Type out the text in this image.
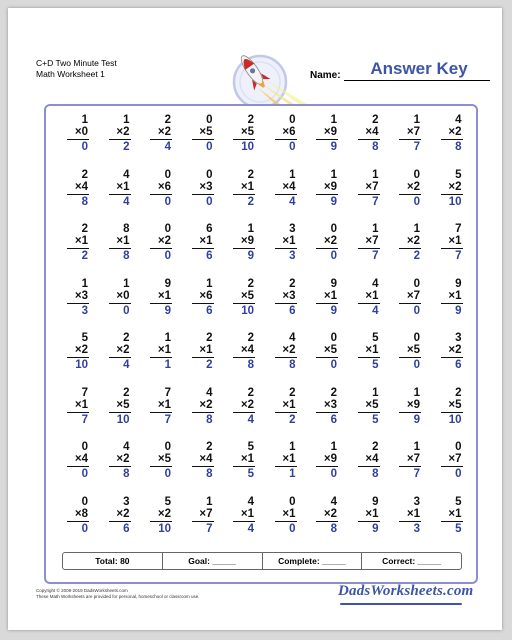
C+D Two Minute Test
Math Worksheet 1	Name:	Answer Key
1
×0
0
1
×2
2
2
×2
4
0
×5
0
2
×5
10
0
×6
0
1
×9
9
2
×4
8
1
×7
7
4
×2
8
2
×4
8
4
×1
4
0
×6
0
0
×3
0
2
×1
2
1
×4
4
1
×9
9
1
×7
7
0
×2
0
5
×2
10
2
×1
2
8
×1
8
0
×2
0
6
×1
6
1
×9
9
3
×1
3
0
×2
0
1
×7
7
1
×2
2
7
×1
7
1
×3
3
1
×0
0
9
×1
9
1
×6
6
2
×5
10
2
×3
6
9
×1
9
4
×1
4
0
×7
0
9
×1
9
5
×2
10
2
×2
4
1
×1
1
2
×1
2
2
×4
8
4
×2
8
0
×5
0
5
×1
5
0
×5
0
3
×2
6
7
×1
7
2
×5
10
7
×1
7
4
×2
8
2
×2
4
2
×1
2
2
×3
6
1
×5
5
1
×9
9
2
×5
10
0
×4
0
4
×2
8
0
×5
0
2
×4
8
5
×1
5
1
×1
1
1
×9
0
2
×4
8
1
×7
7
0
×7
0
0
×8
0
3
×2
6
5
×2
10
1
×7
7
4
×1
4
0
×1
0
4
×2
8
9
×1
9
3
×1
3
5
×1
5
Total: 80	Goal: _____	Complete: _____	Correct: _____
Copyright © 2008-2019 DadsWorksheets.com
These Math Worksheets are provided for personal, homeschool or classroom use.	DadsWorksheets.com
